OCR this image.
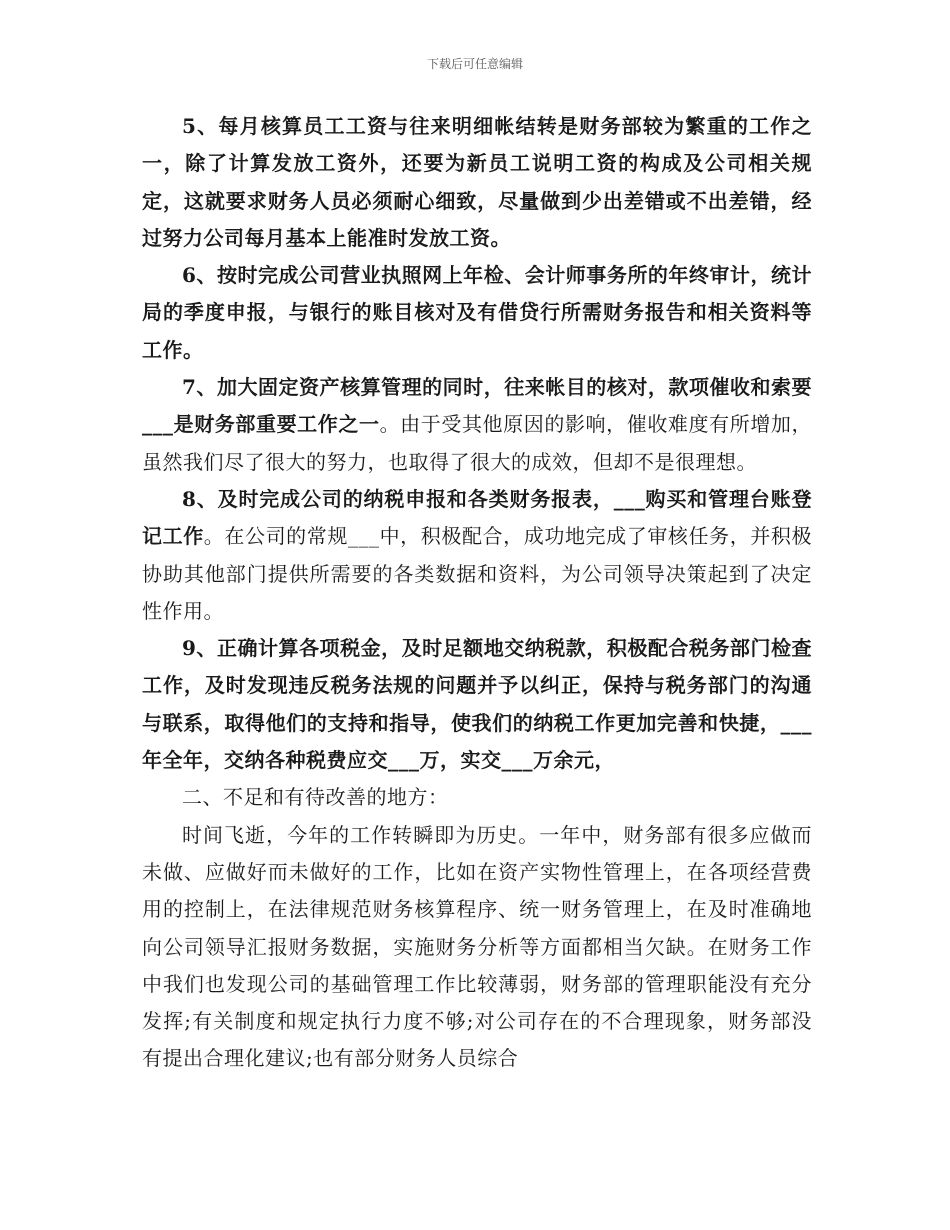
下载后可任意编辑

5、每月核算员工工资与往来明细帐结转是财务部较为繁重的工作之一，除了计算发放工资外，还要为新员工说明工资的构成及公司相关规定，这就要求财务人员必须耐心细致，尽量做到少出差错或不出差错，经过努力公司每月基本上能准时发放工资。

6、按时完成公司营业执照网上年检、会计师事务所的年终审计，统计局的季度申报，与银行的账目核对及有借贷行所需财务报告和相关资料等工作。

7、加大固定资产核算管理的同时，往来帐目的核对，款项催收和索要___是财务部重要工作之一。由于受其他原因的影响，催收难度有所增加，虽然我们尽了很大的努力，也取得了很大的成效，但却不是很理想。

8、及时完成公司的纳税申报和各类财务报表，___购买和管理台账登记工作。在公司的常规___中，积极配合，成功地完成了审核任务，并积极协助其他部门提供所需要的各类数据和资料，为公司领导决策起到了决定性作用。

9、正确计算各项税金，及时足额地交纳税款，积极配合税务部门检查工作，及时发现违反税务法规的问题并予以纠正，保持与税务部门的沟通与联系，取得他们的支持和指导，使我们的纳税工作更加完善和快捷，___年全年，交纳各种税费应交___万，实交___万余元，

二、不足和有待改善的地方：

时间飞逝，今年的工作转瞬即为历史。一年中，财务部有很多应做而未做、应做好而未做好的工作，比如在资产实物性管理上，在各项经营费用的控制上，在法律规范财务核算程序、统一财务管理上，在及时准确地向公司领导汇报财务数据，实施财务分析等方面都相当欠缺。在财务工作中我们也发现公司的基础管理工作比较薄弱，财务部的管理职能没有充分发挥;有关制度和规定执行力度不够;对公司存在的不合理现象，财务部没有提出合理化建议;也有部分财务人员综合
